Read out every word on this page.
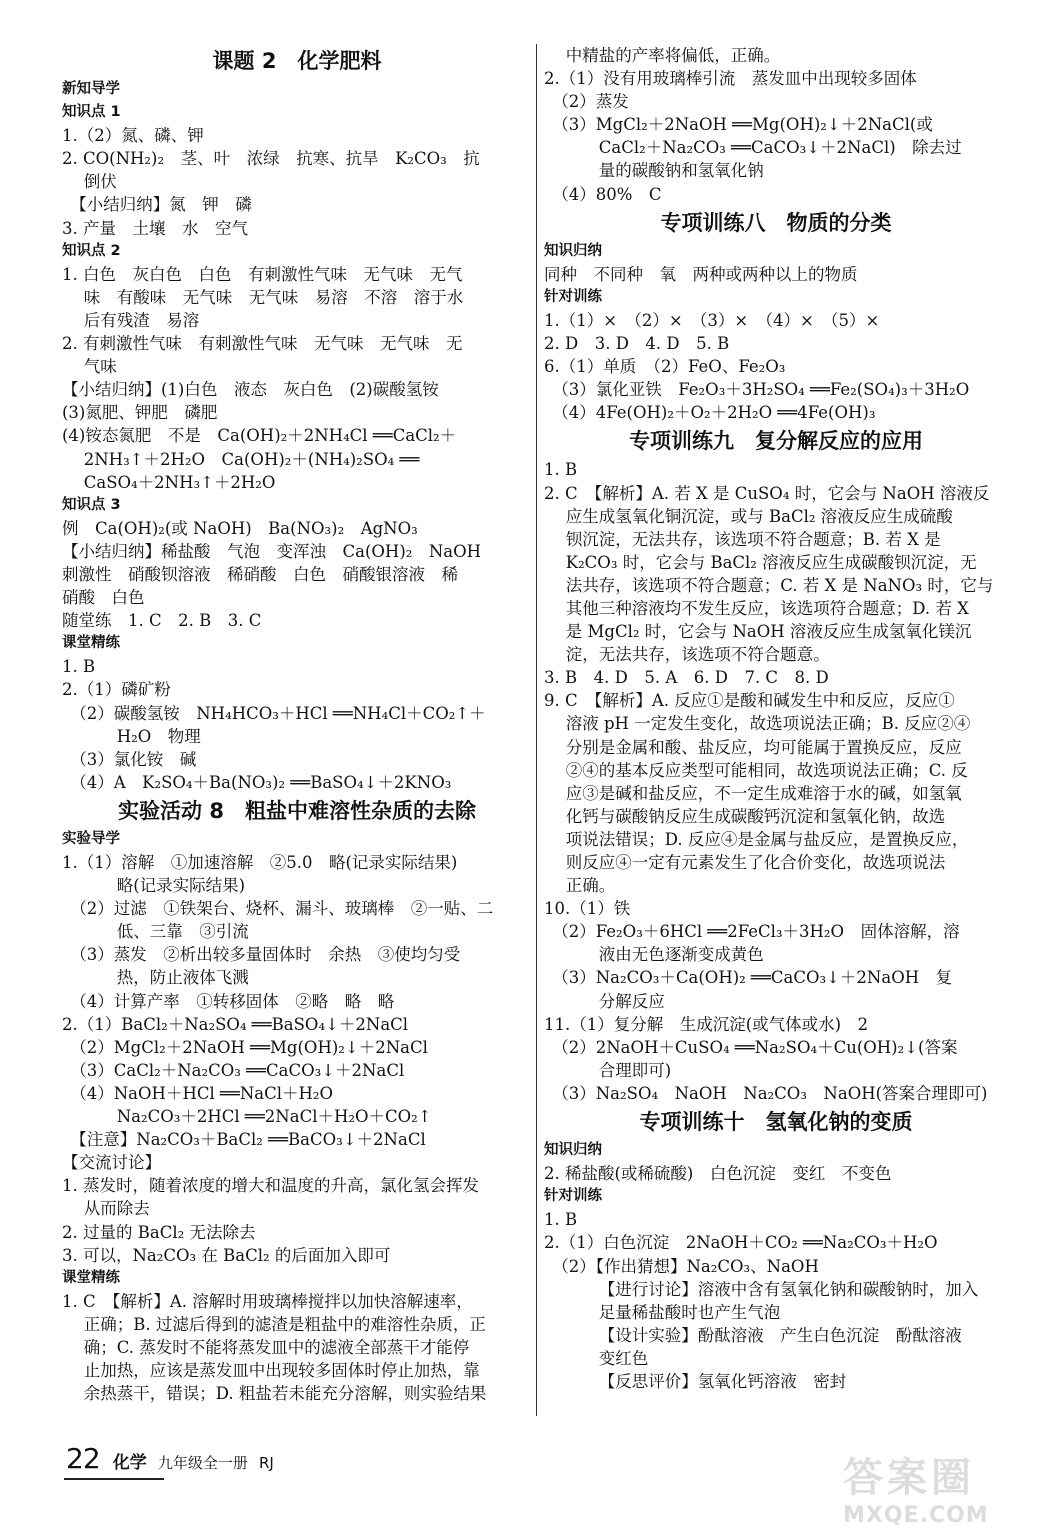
课题 2　化学肥料
新知导学
知识点 1
1.（2）氮、磷、钾
2. CO(NH₂)₂　茎、叶　浓绿　抗寒、抗旱　K₂CO₃　抗
　 倒伏
　【小结归纳】氮　钾　磷
3. 产量　土壤　水　空气
知识点 2
1. 白色　灰白色　白色　有刺激性气味　无气味　无气
　 味　有酸味　无气味　无气味　易溶　不溶　溶于水
　 后有残渣　易溶
2. 有刺激性气味　有刺激性气味　无气味　无气味　无
　 气味
【小结归纳】(1)白色　液态　灰白色　(2)碳酸氢铵
(3)氮肥、钾肥　磷肥
(4)铵态氮肥　不是　Ca(OH)₂＋2NH₄Cl ══CaCl₂＋
　 2NH₃↑＋2H₂O　Ca(OH)₂＋(NH₄)₂SO₄ ══
　 CaSO₄＋2NH₃↑＋2H₂O
知识点 3
例　Ca(OH)₂(或 NaOH)　Ba(NO₃)₂　AgNO₃
【小结归纳】稀盐酸　气泡　变浑浊　Ca(OH)₂　NaOH
刺激性　硝酸钡溶液　稀硝酸　白色　硝酸银溶液　稀
硝酸　白色
随堂练　1. C　2. B　3. C
课堂精练
1. B
2.（1）磷矿粉
　（2）碳酸氢铵　NH₄HCO₃＋HCl ══NH₄Cl＋CO₂↑＋
　　　 H₂O　物理
　（3）氯化铵　碱
　（4）A　K₂SO₄＋Ba(NO₃)₂ ══BaSO₄↓＋2KNO₃
实验活动 8　粗盐中难溶性杂质的去除
实验导学
1.（1）溶解　①加速溶解　②5.0　略(记录实际结果)
　　　 略(记录实际结果)
　（2）过滤　①铁架台、烧杯、漏斗、玻璃棒　②一贴、二
　　　 低、三靠　③引流
　（3）蒸发　②析出较多量固体时　余热　③使均匀受
　　　 热，防止液体飞溅
　（4）计算产率　①转移固体　②略　略　略
2.（1）BaCl₂＋Na₂SO₄ ══BaSO₄↓＋2NaCl
　（2）MgCl₂＋2NaOH ══Mg(OH)₂↓＋2NaCl
　（3）CaCl₂＋Na₂CO₃ ══CaCO₃↓＋2NaCl
　（4）NaOH＋HCl ══NaCl＋H₂O
　　　 Na₂CO₃＋2HCl ══2NaCl＋H₂O＋CO₂↑
　【注意】Na₂CO₃＋BaCl₂ ══BaCO₃↓＋2NaCl
【交流讨论】
1. 蒸发时，随着浓度的增大和温度的升高，氯化氢会挥发
　 从而除去
2. 过量的 BaCl₂ 无法除去
3. 可以，Na₂CO₃ 在 BaCl₂ 的后面加入即可
课堂精练
1. C　【解析】A. 溶解时用玻璃棒搅拌以加快溶解速率，
　 正确；B. 过滤后得到的滤渣是粗盐中的难溶性杂质，正
　 确；C. 蒸发时不能将蒸发皿中的滤液全部蒸干才能停
　 止加热，应该是蒸发皿中出现较多固体时停止加热，靠
　 余热蒸干，错误；D. 粗盐若未能充分溶解，则实验结果
　 中精盐的产率将偏低，正确。
2.（1）没有用玻璃棒引流　蒸发皿中出现较多固体
　（2）蒸发
　（3）MgCl₂＋2NaOH ══Mg(OH)₂↓＋2NaCl(或
　　　 CaCl₂＋Na₂CO₃ ══CaCO₃↓＋2NaCl)　除去过
　　　 量的碳酸钠和氢氧化钠
　（4）80%　C
专项训练八　物质的分类
知识归纳
同种　不同种　氧　两种或两种以上的物质
针对训练
1.（1）×　（2）×　（3）×　（4）×　（5）×
2. D　3. D　4. D　5. B
6.（1）单质　（2）FeO、Fe₂O₃
　（3）氯化亚铁　Fe₂O₃＋3H₂SO₄ ══Fe₂(SO₄)₃＋3H₂O
　（4）4Fe(OH)₂＋O₂＋2H₂O ══4Fe(OH)₃
专项训练九　复分解反应的应用
1. B
2. C　【解析】A. 若 X 是 CuSO₄ 时，它会与 NaOH 溶液反
　 应生成氢氧化铜沉淀，或与 BaCl₂ 溶液反应生成硫酸
　 钡沉淀，无法共存，该选项不符合题意；B. 若 X 是
　 K₂CO₃ 时，它会与 BaCl₂ 溶液反应生成碳酸钡沉淀，无
　 法共存，该选项不符合题意；C. 若 X 是 NaNO₃ 时，它与
　 其他三种溶液均不发生反应，该选项符合题意；D. 若 X
　 是 MgCl₂ 时，它会与 NaOH 溶液反应生成氢氧化镁沉
　 淀，无法共存，该选项不符合题意。
3. B　4. D　5. A　6. D　7. C　8. D
9. C　【解析】A. 反应①是酸和碱发生中和反应，反应①
　 溶液 pH 一定发生变化，故选项说法正确；B. 反应②④
　 分别是金属和酸、盐反应，均可能属于置换反应，反应
　 ②④的基本反应类型可能相同，故选项说法正确；C. 反
　 应③是碱和盐反应，不一定生成难溶于水的碱，如氢氧
　 化钙与碳酸钠反应生成碳酸钙沉淀和氢氧化钠，故选
　 项说法错误；D. 反应④是金属与盐反应，是置换反应，
　 则反应④一定有元素发生了化合价变化，故选项说法
　 正确。
10.（1）铁
　（2）Fe₂O₃＋6HCl ══2FeCl₃＋3H₂O　固体溶解，溶
　　　 液由无色逐渐变成黄色
　（3）Na₂CO₃＋Ca(OH)₂ ══CaCO₃↓＋2NaOH　复
　　　 分解反应
11.（1）复分解　生成沉淀(或气体或水)　2
　（2）2NaOH＋CuSO₄ ══Na₂SO₄＋Cu(OH)₂↓(答案
　　　 合理即可)
　（3）Na₂SO₄　NaOH　Na₂CO₃　NaOH(答案合理即可)
专项训练十　氢氧化钠的变质
知识归纳
2. 稀盐酸(或稀硫酸)　白色沉淀　变红　不变色
针对训练
1. B
2.（1）白色沉淀　2NaOH＋CO₂ ══Na₂CO₃＋H₂O
　（2）【作出猜想】Na₂CO₃、NaOH
　　　 【进行讨论】溶液中含有氢氧化钠和碳酸钠时，加入
　　　 足量稀盐酸时也产生气泡
　　　 【设计实验】酚酞溶液　产生白色沉淀　酚酞溶液
　　　 变红色
　　　 【反思评价】氢氧化钙溶液　密封
22 化学 九年级全一册 RJ	答案圈
MXQE.COM
